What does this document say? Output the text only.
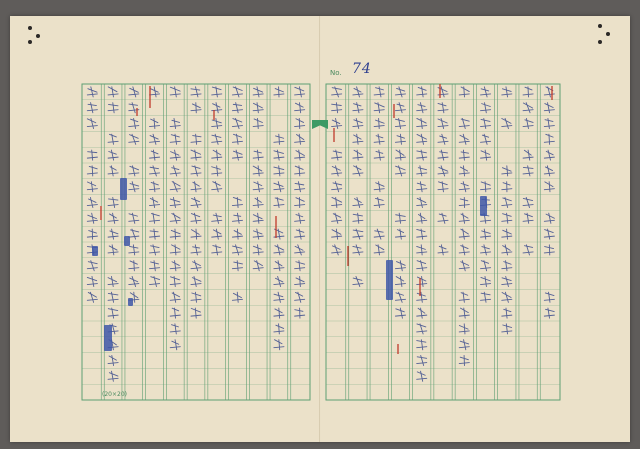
No. 74
(20×20)
